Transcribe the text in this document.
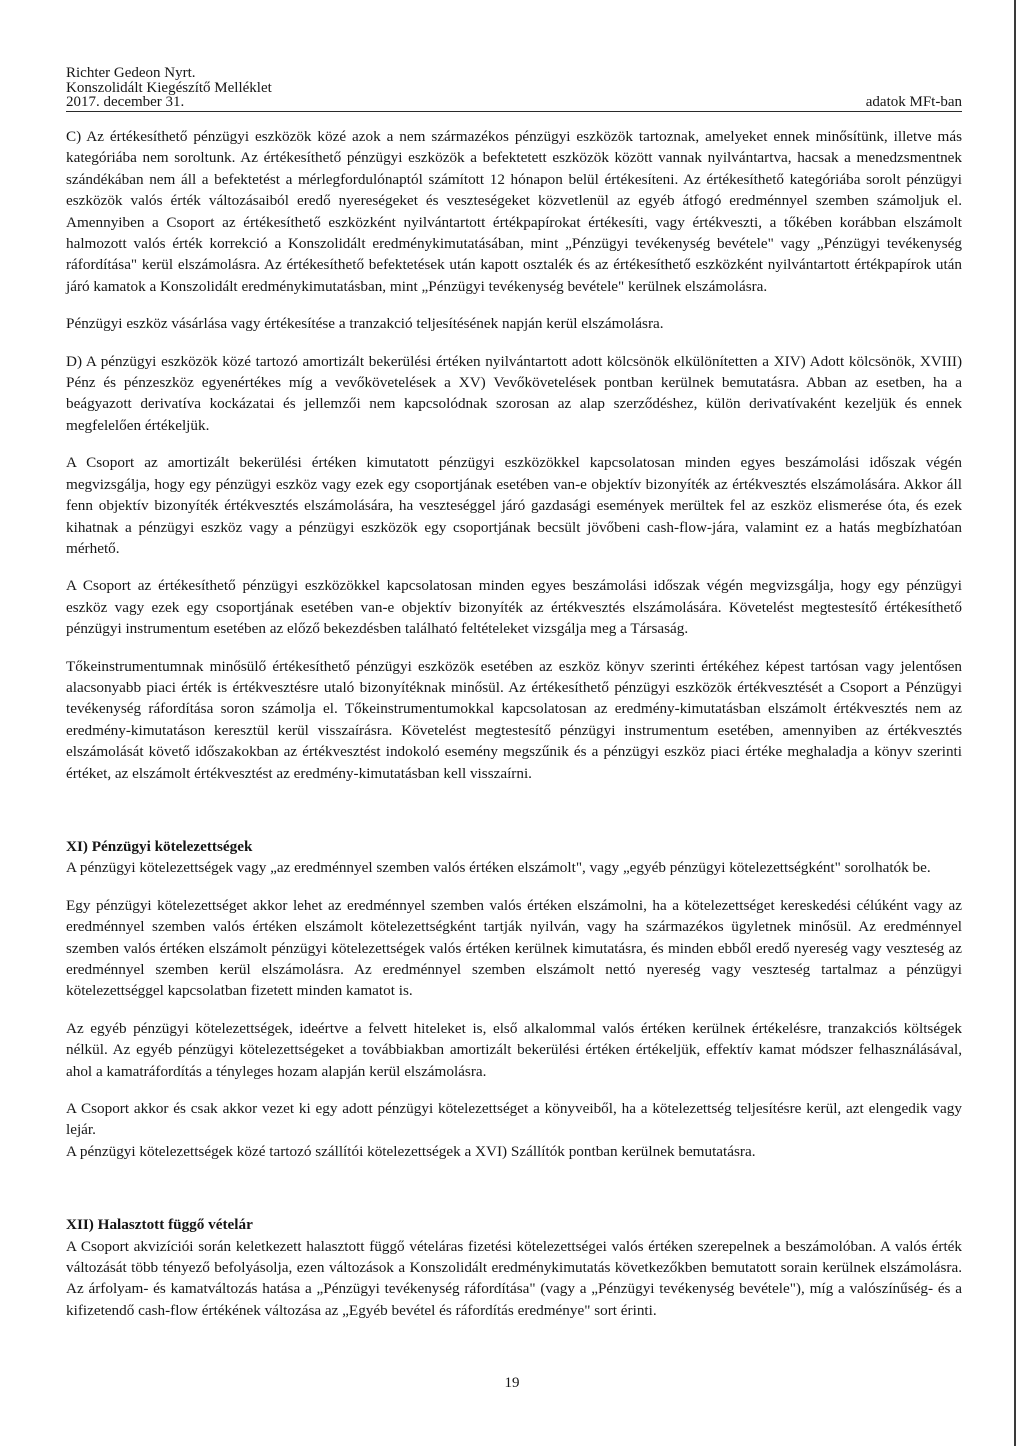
Richter Gedeon Nyrt.
Konszolidált Kiegészítő Melléklet
2017. december 31.	adatok MFt-ban

C) Az értékesíthető pénzügyi eszközök közé azok a nem származékos pénzügyi eszközök tartoznak, amelyeket ennek minősítünk, illetve más kategóriába nem soroltunk. Az értékesíthető pénzügyi eszközök a befektetett eszközök között vannak nyilvántartva, hacsak a menedzsmentnek szándékában nem áll a befektetést a mérlegfordulónaptól számított 12 hónapon belül értékesíteni. Az értékesíthető kategóriába sorolt pénzügyi eszközök valós érték változásaiból eredő nyereségeket és veszteségeket közvetlenül az egyéb átfogó eredménnyel szemben számoljuk el. Amennyiben a Csoport az értékesíthető eszközként nyilvántartott értékpapírokat értékesíti, vagy értékveszti, a tőkében korábban elszámolt halmozott valós érték korrekció a Konszolidált eredménykimutatásában, mint „Pénzügyi tevékenység bevétele" vagy „Pénzügyi tevékenység ráfordítása" kerül elszámolásra. Az értékesíthető befektetések után kapott osztalék és az értékesíthető eszközként nyilvántartott értékpapírok után járó kamatok a Konszolidált eredménykimutatásban, mint „Pénzügyi tevékenység bevétele" kerülnek elszámolásra.

Pénzügyi eszköz vásárlása vagy értékesítése a tranzakció teljesítésének napján kerül elszámolásra.

D) A pénzügyi eszközök közé tartozó amortizált bekerülési értéken nyilvántartott adott kölcsönök elkülönítetten a XIV) Adott kölcsönök, XVIII) Pénz és pénzeszköz egyenértékes míg a vevőkövetelések a XV) Vevőkövetelések pontban kerülnek bemutatásra. Abban az esetben, ha a beágyazott derivatíva kockázatai és jellemzői nem kapcsolódnak szorosan az alap szerződéshez, külön derivatívaként kezeljük és ennek megfelelően értékeljük.

A Csoport az amortizált bekerülési értéken kimutatott pénzügyi eszközökkel kapcsolatosan minden egyes beszámolási időszak végén megvizsgálja, hogy egy pénzügyi eszköz vagy ezek egy csoportjának esetében van-e objektív bizonyíték az értékvesztés elszámolására. Akkor áll fenn objektív bizonyíték értékvesztés elszámolására, ha veszteséggel járó gazdasági események merültek fel az eszköz elismerése óta, és ezek kihatnak a pénzügyi eszköz vagy a pénzügyi eszközök egy csoportjának becsült jövőbeni cash-flow-jára, valamint ez a hatás megbízhatóan mérhető.

A Csoport az értékesíthető pénzügyi eszközökkel kapcsolatosan minden egyes beszámolási időszak végén megvizsgálja, hogy egy pénzügyi eszköz vagy ezek egy csoportjának esetében van-e objektív bizonyíték az értékvesztés elszámolására. Követelést megtestesítő értékesíthető pénzügyi instrumentum esetében az előző bekezdésben található feltételeket vizsgálja meg a Társaság.

Tőkeinstrumentumnak minősülő értékesíthető pénzügyi eszközök esetében az eszköz könyv szerinti értékéhez képest tartósan vagy jelentősen alacsonyabb piaci érték is értékvesztésre utaló bizonyítéknak minősül. Az értékesíthető pénzügyi eszközök értékvesztését a Csoport a Pénzügyi tevékenység ráfordítása soron számolja el. Tőkeinstrumentumokkal kapcsolatosan az eredmény-kimutatásban elszámolt értékvesztés nem az eredmény-kimutatáson keresztül kerül visszaírásra. Követelést megtestesítő pénzügyi instrumentum esetében, amennyiben az értékvesztés elszámolását követő időszakokban az értékvesztést indokoló esemény megszűnik és a pénzügyi eszköz piaci értéke meghaladja a könyv szerinti értéket, az elszámolt értékvesztést az eredmény-kimutatásban kell visszaírni.

XI) Pénzügyi kötelezettségek

A pénzügyi kötelezettségek vagy „az eredménnyel szemben valós értéken elszámolt", vagy „egyéb pénzügyi kötelezettségként" sorolhatók be.

Egy pénzügyi kötelezettséget akkor lehet az eredménnyel szemben valós értéken elszámolni, ha a kötelezettséget kereskedési célúként vagy az eredménnyel szemben valós értéken elszámolt kötelezettségként tartják nyilván, vagy ha származékos ügyletnek minősül. Az eredménnyel szemben valós értéken elszámolt pénzügyi kötelezettségek valós értéken kerülnek kimutatásra, és minden ebből eredő nyereség vagy veszteség az eredménnyel szemben kerül elszámolásra. Az eredménnyel szemben elszámolt nettó nyereség vagy veszteség tartalmaz a pénzügyi kötelezettséggel kapcsolatban fizetett minden kamatot is.

Az egyéb pénzügyi kötelezettségek, ideértve a felvett hiteleket is, első alkalommal valós értéken kerülnek értékelésre, tranzakciós költségek nélkül. Az egyéb pénzügyi kötelezettségeket a továbbiakban amortizált bekerülési értéken értékeljük, effektív kamat módszer felhasználásával, ahol a kamatráfordítás a tényleges hozam alapján kerül elszámolásra.

A Csoport akkor és csak akkor vezet ki egy adott pénzügyi kötelezettséget a könyveiből, ha a kötelezettség teljesítésre kerül, azt elengedik vagy lejár.

A pénzügyi kötelezettségek közé tartozó szállítói kötelezettségek a XVI) Szállítók pontban kerülnek bemutatásra.

XII) Halasztott függő vételár

A Csoport akvizíciói során keletkezett halasztott függő vételáras fizetési kötelezettségei valós értéken szerepelnek a beszámolóban. A valós érték változását több tényező befolyásolja, ezen változások a Konszolidált eredménykimutatás következőkben bemutatott sorain kerülnek elszámolásra. Az árfolyam- és kamatváltozás hatása a „Pénzügyi tevékenység ráfordítása" (vagy a „Pénzügyi tevékenység bevétele"), míg a valószínűség- és a kifizetendő cash-flow értékének változása az „Egyéb bevétel és ráfordítás eredménye" sort érinti.

19
